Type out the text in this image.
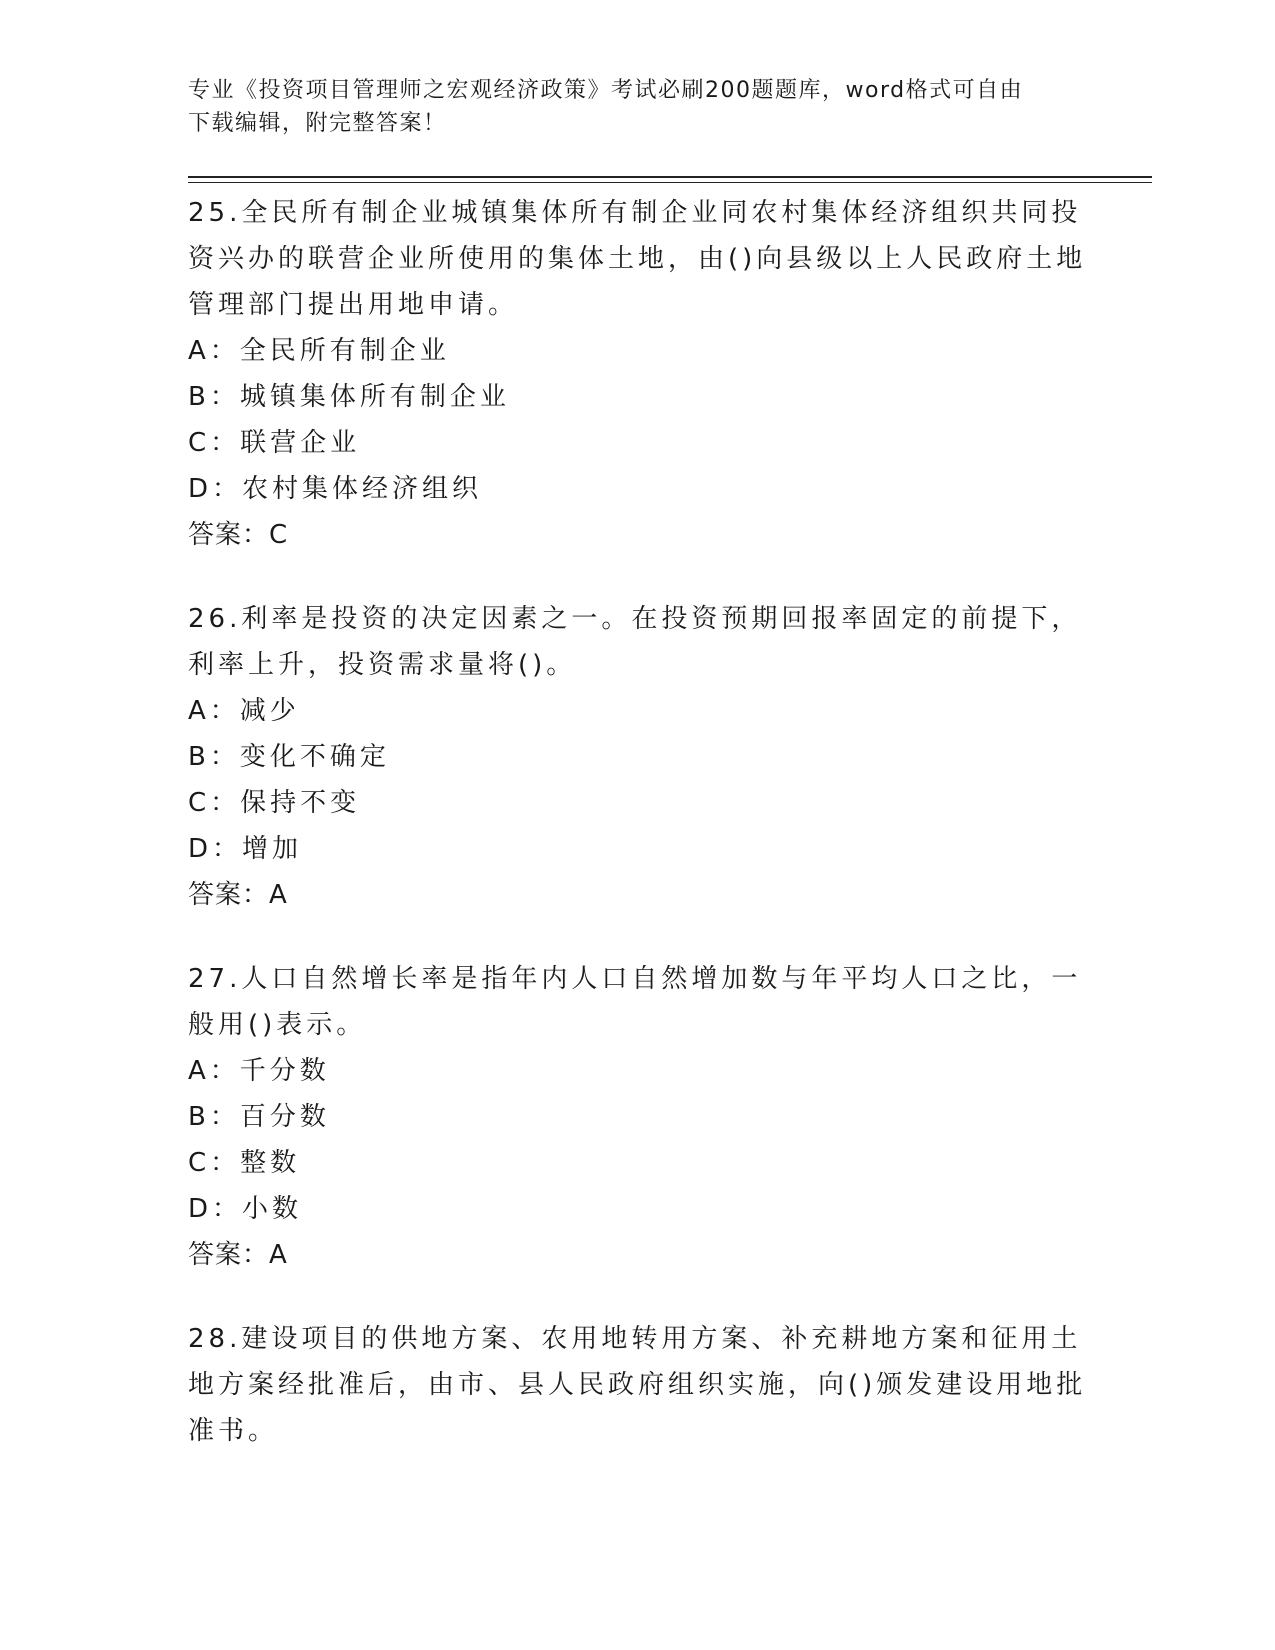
专业《投资项目管理师之宏观经济政策》考试必刷200题题库，word格式可自由
下载编辑，附完整答案！
25.全民所有制企业城镇集体所有制企业同农村集体经济组织共同投资兴办的联营企业所使用的集体土地，由()向县级以上人民政府土地管理部门提出用地申请。
A：全民所有制企业
B：城镇集体所有制企业
C：联营企业
D：农村集体经济组织
答案：C
26.利率是投资的决定因素之一。在投资预期回报率固定的前提下，利率上升，投资需求量将()。
A：减少
B：变化不确定
C：保持不变
D：增加
答案：A
27.人口自然增长率是指年内人口自然增加数与年平均人口之比，一般用()表示。
A：千分数
B：百分数
C：整数
D：小数
答案：A
28.建设项目的供地方案、农用地转用方案、补充耕地方案和征用土地方案经批准后，由市、县人民政府组织实施，向()颁发建设用地批准书。
